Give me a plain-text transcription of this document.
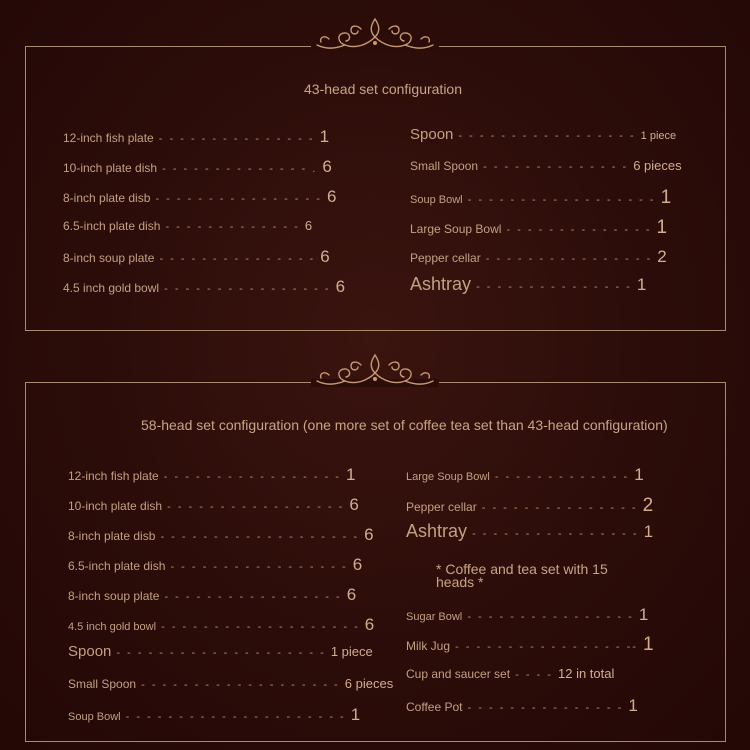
43-head set configuration
12-inch fish plate - - - - - - - - - - - - - - - 1
10-inch plate dish - - - - - - - - - - - - - - . 6
8-inch plate disb - - - - - - - - - - - - - - - - 6
6.5-inch plate dish - - - - - - - - - - - - - 6
8-inch soup plate - - - - - - - - - - - - - - - 6
4.5 inch gold bowl - - - - - - - - - - - - - - - - 6
Spoon - - - - - - - - - - - - - - - - - 1 piece
Small Spoon - - - - - - - - - - - - - - 6 pieces
Soup Bowl - - - - - - - - - - - - - - - - - - 1
Large Soup Bowl - - - - - - - - - - - - - - 1
Pepper cellar - - - - - - - - - - - - - - - - 2
Ashtray - - - - - - - - - - - - - - - 1
58-head set configuration (one more set of coffee tea set than 43-head configuration)
12-inch fish plate - - - - - - - - - - - - - - - - - 1
10-inch plate dish - - - - - - - - - - - - - - - - - 6
8-inch plate disb - - - - - - - - - - - - - - - - - - - 6
6.5-inch plate dish - - - - - - - - - - - - - - - - - 6
8-inch soup plate - - - - - - - - - - - - - - - - - 6
4.5 inch gold bowl - - - - - - - - - - - - - - - - - - - 6
Spoon - - - - - - - - - - - - - - - - - - - - 1 piece
Small Spoon - - - - - - - - - - - - - - - - - - - 6 pieces
Soup Bowl - - - - - - - - - - - - - - - - - - - - - 1
Large Soup Bowl - - - - - - - - - - - - - 1
Pepper cellar - - - - - - - - - - - - - - - 2
Ashtray - - - - - - - - - - - - - - - - 1
Sugar Bowl - - - - - - - - - - - - - - - - 1
Milk Jug - - - - - - - - - - - - - - - - -- 1
Cup and saucer set - - - - 12 in total
Coffee Pot - - - - - - - - - - - - - - - 1
* Coffee and tea set with 15 heads *
